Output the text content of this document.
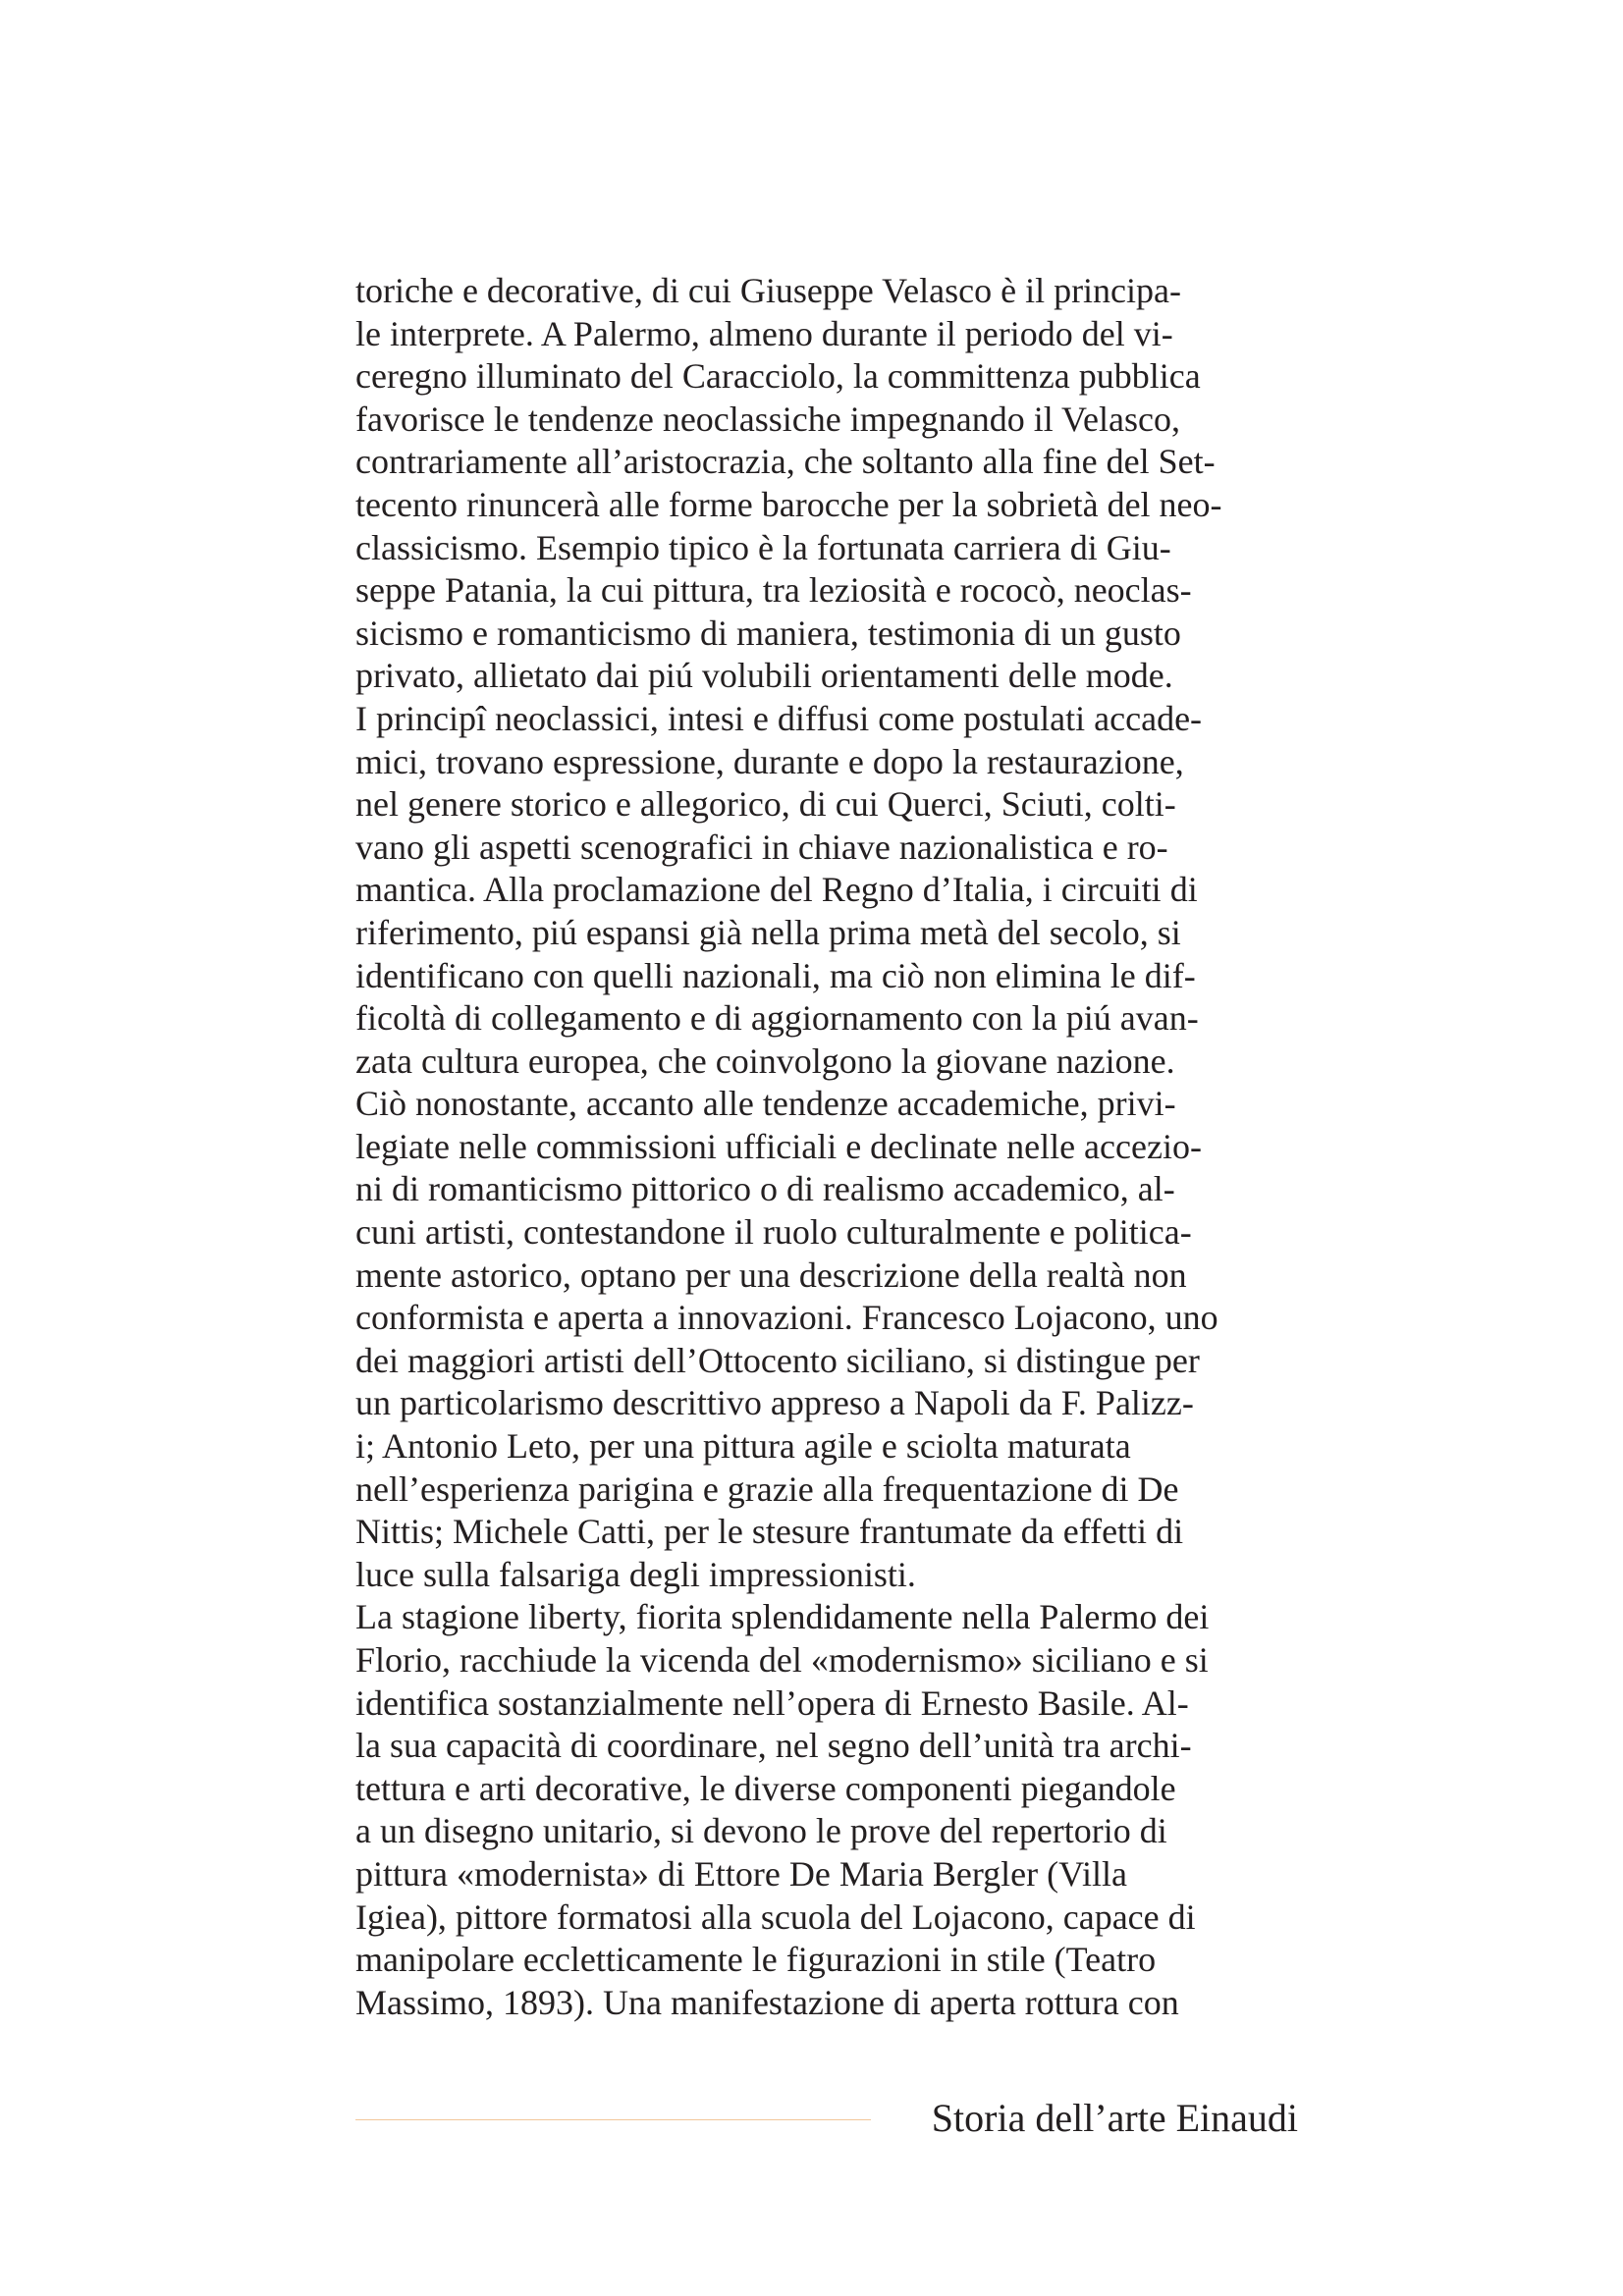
toriche e decorative, di cui Giuseppe Velasco è il principa-
le interprete. A Palermo, almeno durante il periodo del vi-
ceregno illuminato del Caracciolo, la committenza pubblica
favorisce le tendenze neoclassiche impegnando il Velasco,
contrariamente all’aristocrazia, che soltanto alla fine del Set-
tecento rinuncerà alle forme barocche per la sobrietà del neo-
classicismo. Esempio tipico è la fortunata carriera di Giu-
seppe Patania, la cui pittura, tra leziosità e rococò, neoclas-
sicismo e romanticismo di maniera, testimonia di un gusto
privato, allietato dai piú volubili orientamenti delle mode.
I principî neoclassici, intesi e diffusi come postulati accade-
mici, trovano espressione, durante e dopo la restaurazione,
nel genere storico e allegorico, di cui Querci, Sciuti, colti-
vano gli aspetti scenografici in chiave nazionalistica e ro-
mantica. Alla proclamazione del Regno d’Italia, i circuiti di
riferimento, piú espansi già nella prima metà del secolo, si
identificano con quelli nazionali, ma ciò non elimina le dif-
ficoltà di collegamento e di aggiornamento con la piú avan-
zata cultura europea, che coinvolgono la giovane nazione.
Ciò nonostante, accanto alle tendenze accademiche, privi-
legiate nelle commissioni ufficiali e declinate nelle accezio-
ni di romanticismo pittorico o di realismo accademico, al-
cuni artisti, contestandone il ruolo culturalmente e politica-
mente astorico, optano per una descrizione della realtà non
conformista e aperta a innovazioni. Francesco Lojacono, uno
dei maggiori artisti dell’Ottocento siciliano, si distingue per
un particolarismo descrittivo appreso a Napoli da F. Palizz-
i; Antonio Leto, per una pittura agile e sciolta maturata
nell’esperienza parigina e grazie alla frequentazione di De
Nittis; Michele Catti, per le stesure frantumate da effetti di
luce sulla falsariga degli impressionisti.
La stagione liberty, fiorita splendidamente nella Palermo dei
Florio, racchiude la vicenda del «modernismo» siciliano e si
identifica sostanzialmente nell’opera di Ernesto Basile. Al-
la sua capacità di coordinare, nel segno dell’unità tra archi-
tettura e arti decorative, le diverse componenti piegandole
a un disegno unitario, si devono le prove del repertorio di
pittura «modernista» di Ettore De Maria Bergler (Villa
Igiea), pittore formatosi alla scuola del Lojacono, capace di
manipolare eccletticamente le figurazioni in stile (Teatro
Massimo, 1893). Una manifestazione di aperta rottura con
Storia dell’arte Einaudi
